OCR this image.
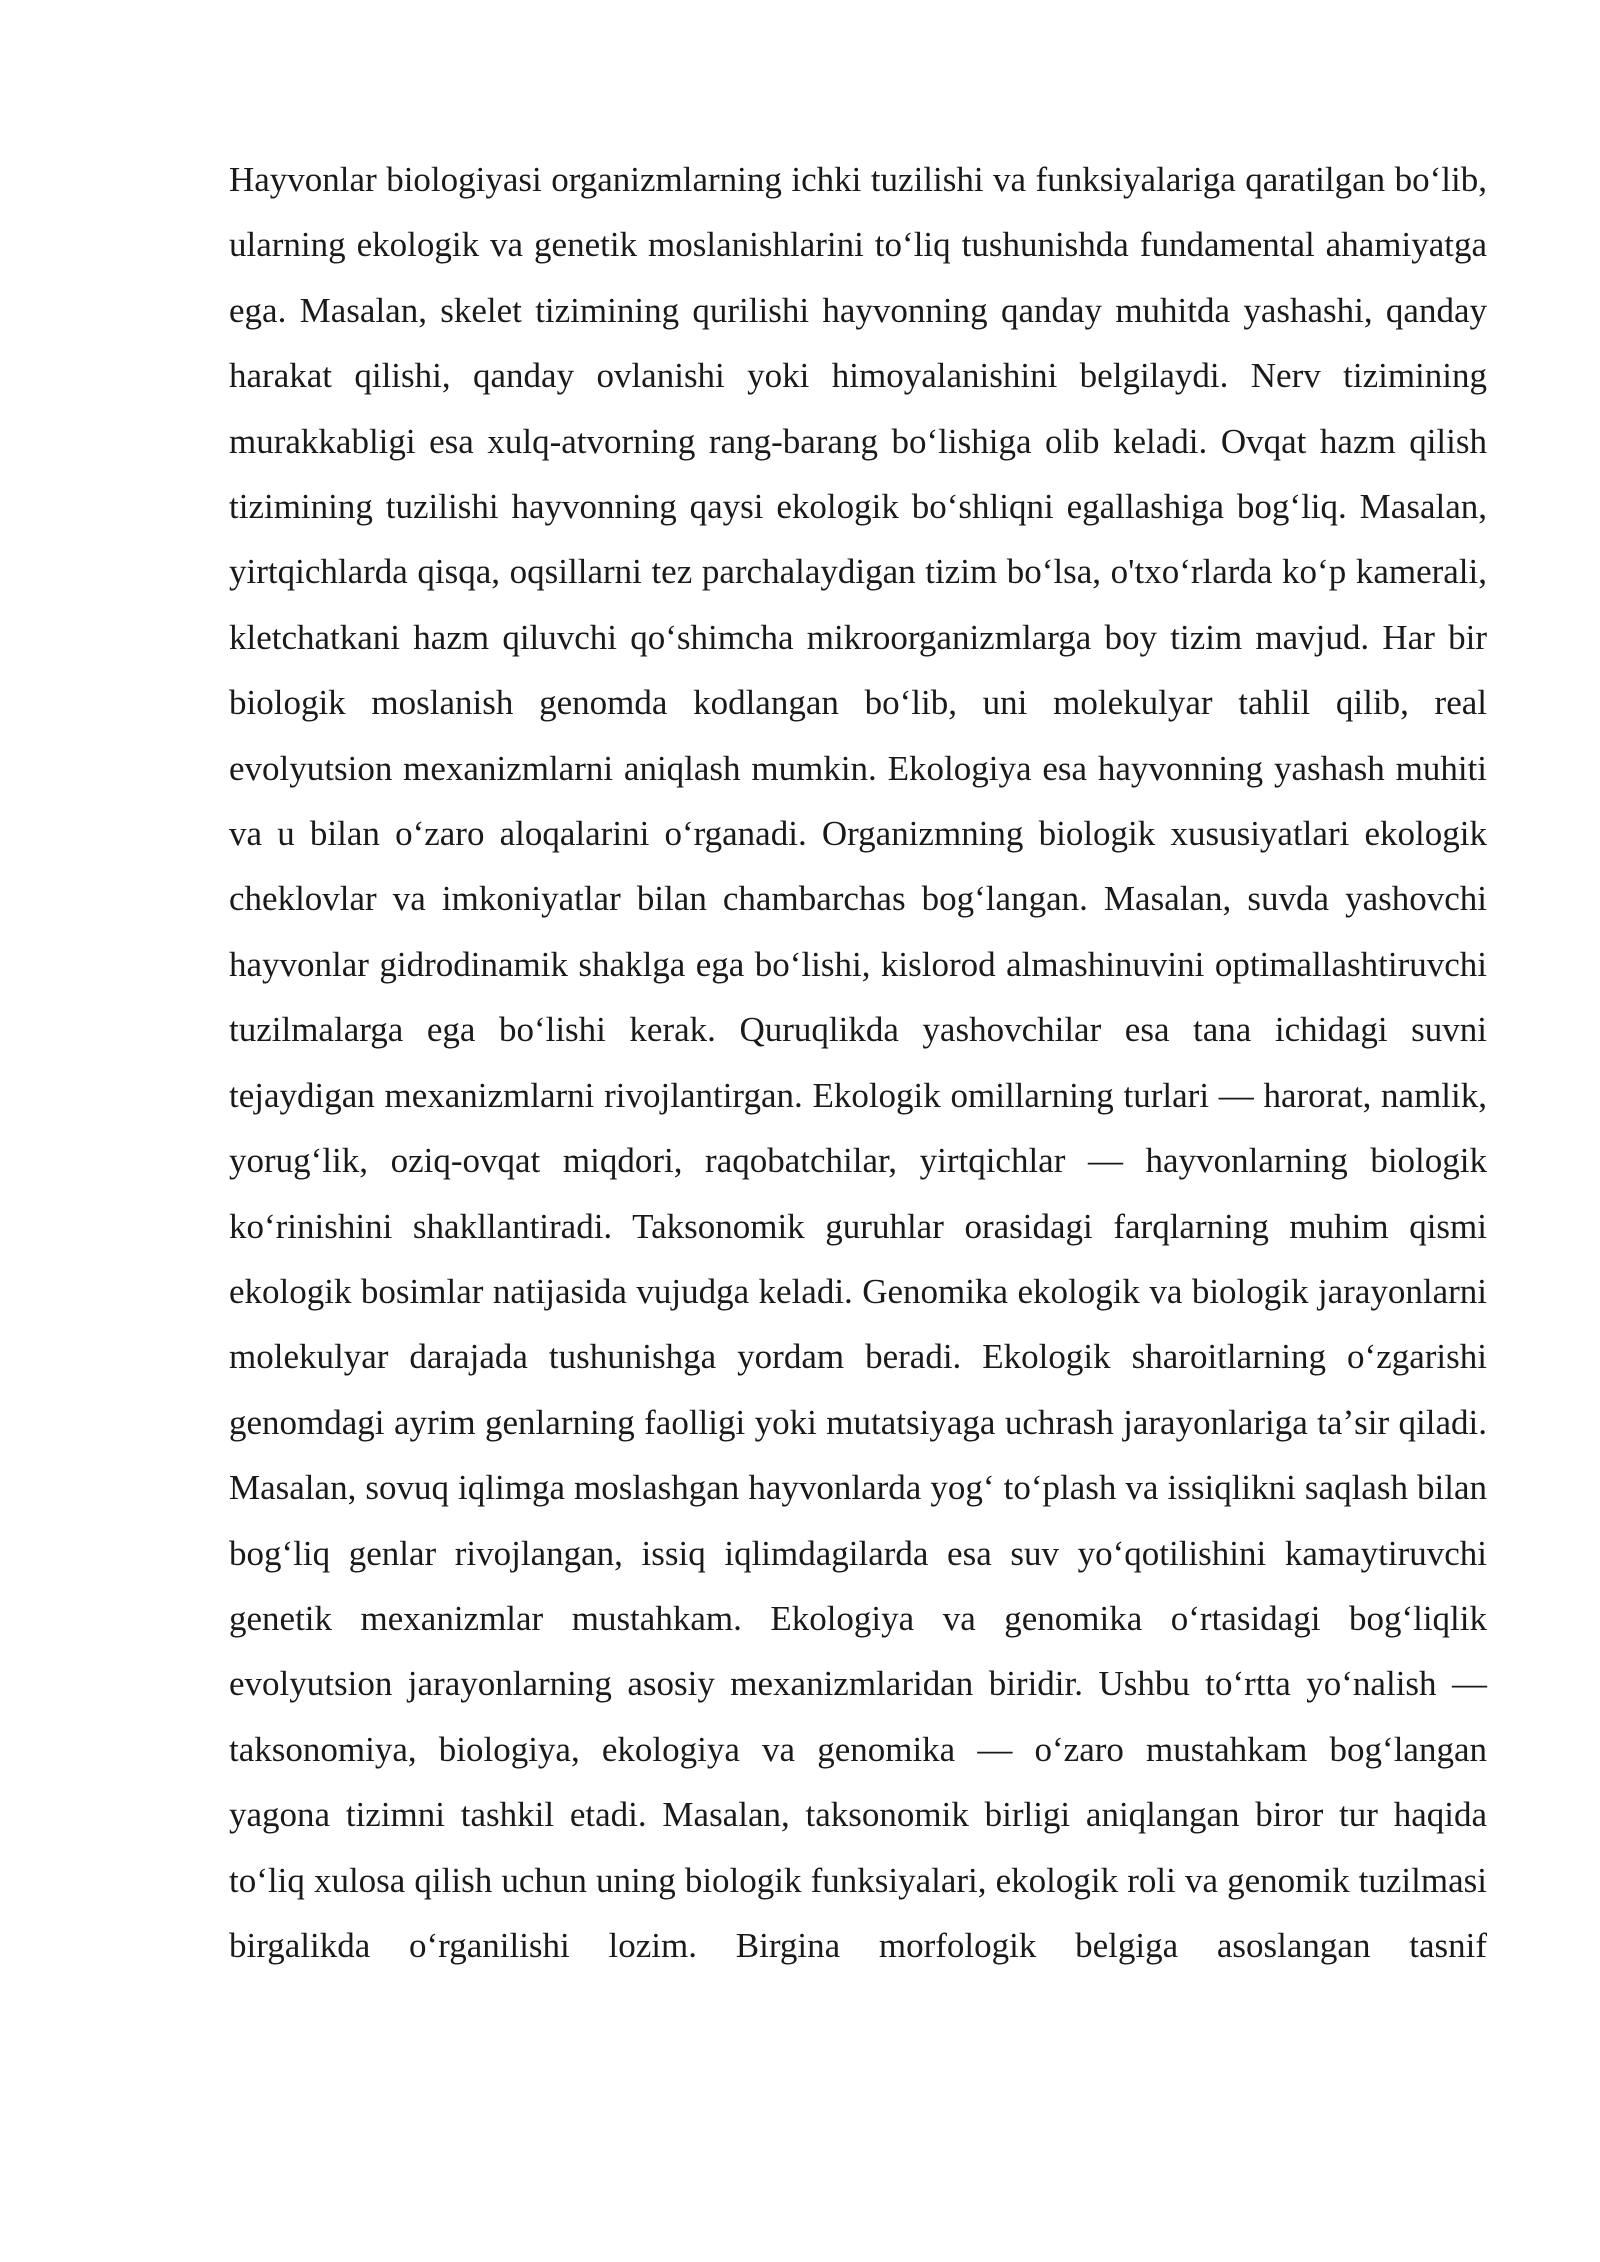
Hayvonlar biologiyasi organizmlarning ichki tuzilishi va funksiyalariga qaratilgan boʻlib, ularning ekologik va genetik moslanishlarini toʻliq tushunishda fundamental ahamiyatga ega. Masalan, skelet tizimining qurilishi hayvonning qanday muhitda yashashi, qanday harakat qilishi, qanday ovlanishi yoki himoyalanishini belgilaydi. Nerv tizimining murakkabligi esa xulq-atvorning rang-barang boʻlishiga olib keladi. Ovqat hazm qilish tizimining tuzilishi hayvonning qaysi ekologik boʻshliqni egallashiga bogʻliq. Masalan, yirtqichlarda qisqa, oqsillarni tez parchalaydigan tizim boʻlsa, o'txoʻrlarda koʻp kamerali, kletchatkani hazm qiluvchi qoʻshimcha mikroorganizmlarga boy tizim mavjud. Har bir biologik moslanish genomda kodlangan boʻlib, uni molekulyar tahlil qilib, real evolyutsion mexanizmlarni aniqlash mumkin. Ekologiya esa hayvonning yashash muhiti va u bilan oʻzaro aloqalarini oʻrganadi. Organizmning biologik xususiyatlari ekologik cheklovlar va imkoniyatlar bilan chambarchas bogʻlangan. Masalan, suvda yashovchi hayvonlar gidrodinamik shaklga ega boʻlishi, kislorod almashinuvini optimallashtiruvchi tuzilmalarga ega boʻlishi kerak. Quruqlikda yashovchilar esa tana ichidagi suvni tejaydigan mexanizmlarni rivojlantirgan. Ekologik omillarning turlari — harorat, namlik, yorugʻlik, oziq-ovqat miqdori, raqobatchilar, yirtqichlar — hayvonlarning biologik koʻrinishini shakllantiradi. Taksonomik guruhlar orasidagi farqlarning muhim qismi ekologik bosimlar natijasida vujudga keladi. Genomika ekologik va biologik jarayonlarni molekulyar darajada tushunishga yordam beradi. Ekologik sharoitlarning oʻzgarishi genomdagi ayrim genlarning faolligi yoki mutatsiyaga uchrash jarayonlariga taʼsir qiladi. Masalan, sovuq iqlimga moslashgan hayvonlarda yogʻ toʻplash va issiqlikni saqlash bilan bogʻliq genlar rivojlangan, issiq iqlimdagilarda esa suv yoʻqotilishini kamaytiruvchi genetik mexanizmlar mustahkam. Ekologiya va genomika oʻrtasidagi bogʻliqlik evolyutsion jarayonlarning asosiy mexanizmlaridan biridir. Ushbu toʻrtta yoʻnalish — taksonomiya, biologiya, ekologiya va genomika — oʻzaro mustahkam bogʻlangan yagona tizimni tashkil etadi. Masalan, taksonomik birligi aniqlangan biror tur haqida toʻliq xulosa qilish uchun uning biologik funksiyalari, ekologik roli va genomik tuzilmasi birgalikda oʻrganilishi lozim. Birgina morfologik belgiga asoslangan tasnif
